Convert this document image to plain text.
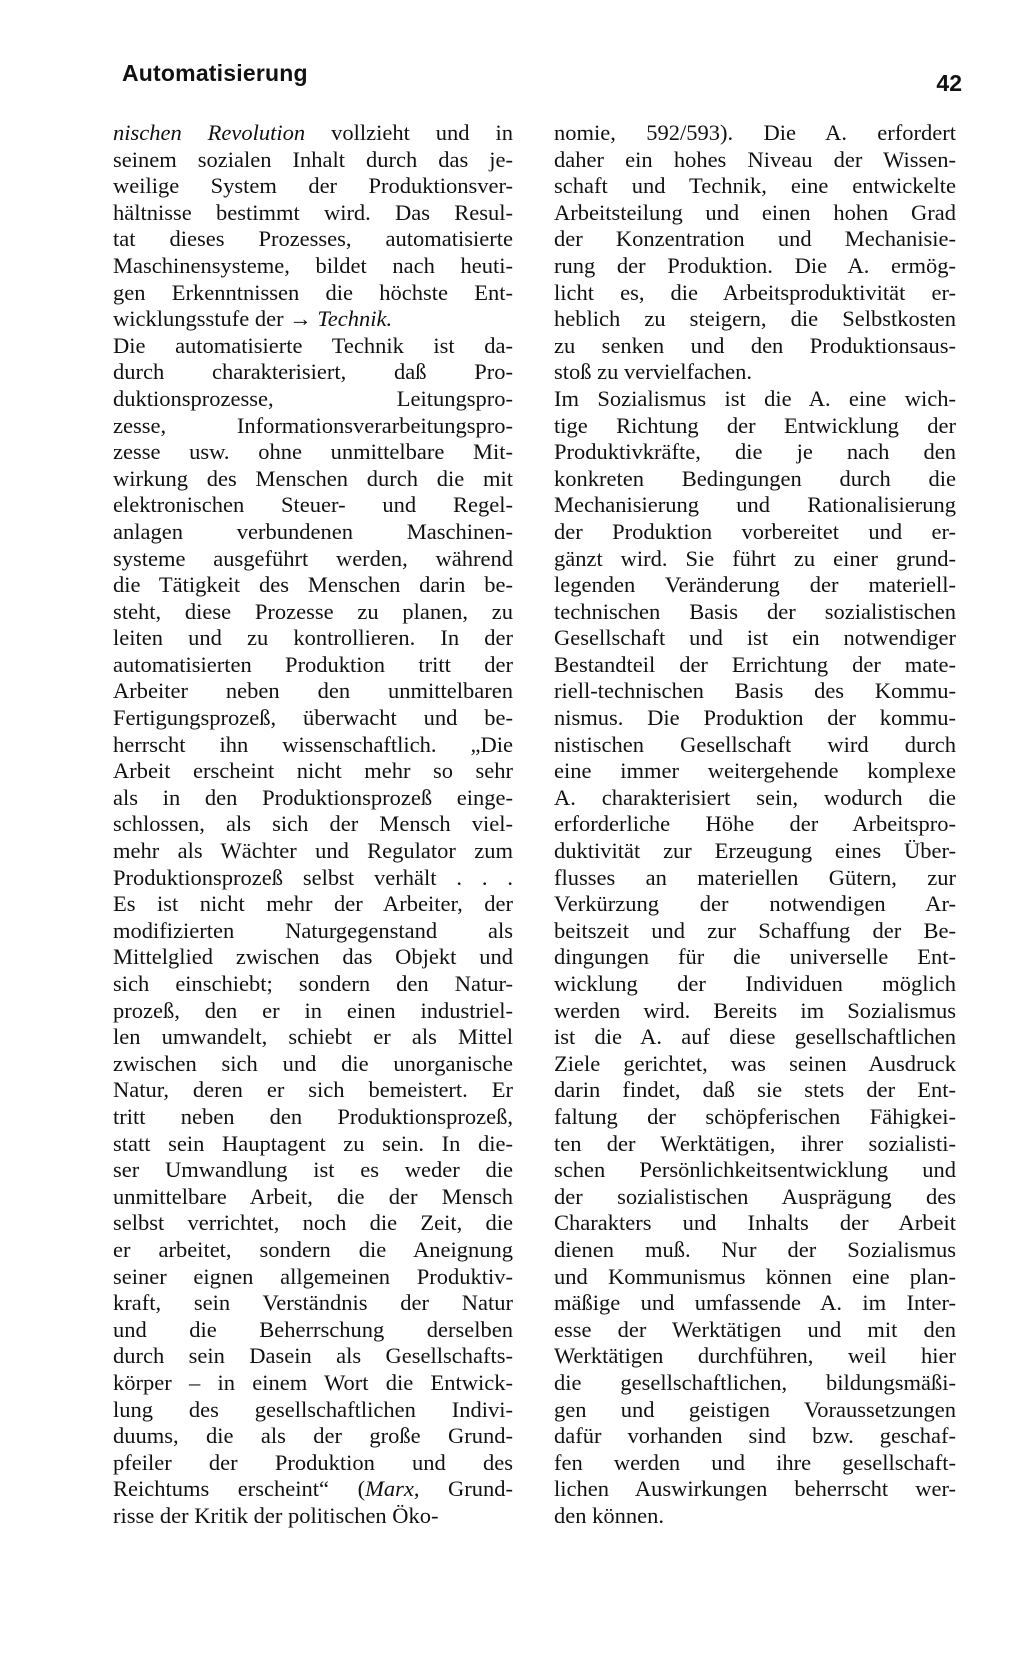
Automatisierung	42
nischen Revolution vollzieht und in
seinem sozialen Inhalt durch das je-
weilige System der Produktionsver-
hältnisse bestimmt wird. Das Resul-
tat dieses Prozesses, automatisierte
Maschinensysteme, bildet nach heuti-
gen Erkenntnissen die höchste Ent-
wicklungsstufe der → Technik.
Die automatisierte Technik ist da-
durch charakterisiert, daß Pro-
duktionsprozesse, Leitungspro-
zesse, Informationsverarbeitungspro-
zesse usw. ohne unmittelbare Mit-
wirkung des Menschen durch die mit
elektronischen Steuer- und Regel-
anlagen verbundenen Maschinen-
systeme ausgeführt werden, während
die Tätigkeit des Menschen darin be-
steht, diese Prozesse zu planen, zu
leiten und zu kontrollieren. In der
automatisierten Produktion tritt der
Arbeiter neben den unmittelbaren
Fertigungsprozeß, überwacht und be-
herrscht ihn wissenschaftlich. „Die
Arbeit erscheint nicht mehr so sehr
als in den Produktionsprozeß einge-
schlossen, als sich der Mensch viel-
mehr als Wächter und Regulator zum
Produktionsprozeß selbst verhält . . .
Es ist nicht mehr der Arbeiter, der
modifizierten Naturgegenstand als
Mittelglied zwischen das Objekt und
sich einschiebt; sondern den Natur-
prozeß, den er in einen industriel-
len umwandelt, schiebt er als Mittel
zwischen sich und die unorganische
Natur, deren er sich bemeistert. Er
tritt neben den Produktionsprozeß,
statt sein Hauptagent zu sein. In die-
ser Umwandlung ist es weder die
unmittelbare Arbeit, die der Mensch
selbst verrichtet, noch die Zeit, die
er arbeitet, sondern die Aneignung
seiner eignen allgemeinen Produktiv-
kraft, sein Verständnis der Natur
und die Beherrschung derselben
durch sein Dasein als Gesellschafts-
körper – in einem Wort die Entwick-
lung des gesellschaftlichen Indivi-
duums, die als der große Grund-
pfeiler der Produktion und des
Reichtums erscheint“ (Marx, Grund-
risse der Kritik der politischen Öko-
nomie, 592/593). Die A. erfordert
daher ein hohes Niveau der Wissen-
schaft und Technik, eine entwickelte
Arbeitsteilung und einen hohen Grad
der Konzentration und Mechanisie-
rung der Produktion. Die A. ermög-
licht es, die Arbeitsproduktivität er-
heblich zu steigern, die Selbstkosten
zu senken und den Produktionsaus-
stoß zu vervielfachen.
Im Sozialismus ist die A. eine wich-
tige Richtung der Entwicklung der
Produktivkräfte, die je nach den
konkreten Bedingungen durch die
Mechanisierung und Rationalisierung
der Produktion vorbereitet und er-
gänzt wird. Sie führt zu einer grund-
legenden Veränderung der materiell-
technischen Basis der sozialistischen
Gesellschaft und ist ein notwendiger
Bestandteil der Errichtung der mate-
riell-technischen Basis des Kommu-
nismus. Die Produktion der kommu-
nistischen Gesellschaft wird durch
eine immer weitergehende komplexe
A. charakterisiert sein, wodurch die
erforderliche Höhe der Arbeitspro-
duktivität zur Erzeugung eines Über-
flusses an materiellen Gütern, zur
Verkürzung der notwendigen Ar-
beitszeit und zur Schaffung der Be-
dingungen für die universelle Ent-
wicklung der Individuen möglich
werden wird. Bereits im Sozialismus
ist die A. auf diese gesellschaftlichen
Ziele gerichtet, was seinen Ausdruck
darin findet, daß sie stets der Ent-
faltung der schöpferischen Fähigkei-
ten der Werktätigen, ihrer sozialisti-
schen Persönlichkeitsentwicklung und
der sozialistischen Ausprägung des
Charakters und Inhalts der Arbeit
dienen muß. Nur der Sozialismus
und Kommunismus können eine plan-
mäßige und umfassende A. im Inter-
esse der Werktätigen und mit den
Werktätigen durchführen, weil hier
die gesellschaftlichen, bildungsmäßi-
gen und geistigen Voraussetzungen
dafür vorhanden sind bzw. geschaf-
fen werden und ihre gesellschaft-
lichen Auswirkungen beherrscht wer-
den können.
